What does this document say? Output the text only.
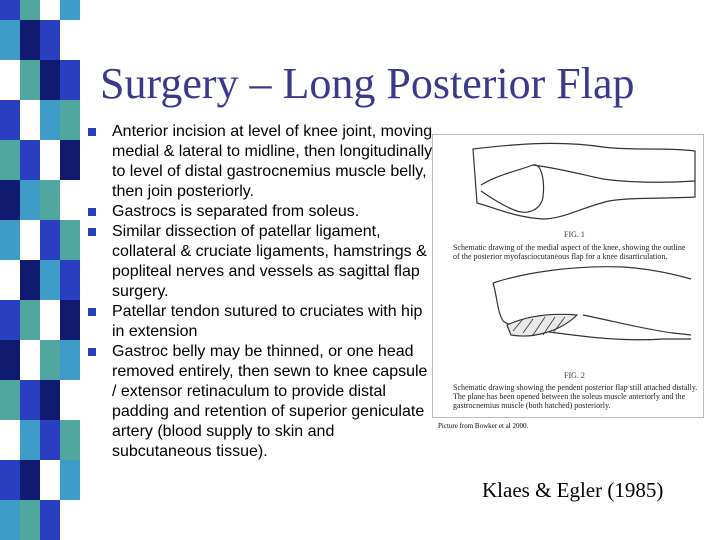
Surgery – Long Posterior Flap
Anterior incision at level of knee joint, moving medial & lateral to midline, then longitudinally to level of distal gastrocnemius muscle belly, then join posteriorly.
Gastrocs is separated from soleus.
Similar dissection of patellar ligament, collateral & cruciate ligaments, hamstrings & popliteal nerves and vessels as sagittal flap surgery.
Patellar tendon sutured to cruciates with hip in extension
Gastroc belly may be thinned, or one head removed entirely, then sewn to knee capsule / extensor retinaculum to provide distal padding and retention of superior geniculate artery (blood supply to skin and subcutaneous tissue).
FIG. 1
Schematic drawing of the medial aspect of the knee, showing the outline of the posterior myofasciocutaneous flap for a knee disarticulation.
FIG. 2
Schematic drawing showing the pendent posterior flap still attached distally. The plane has been opened between the soleus muscle anteriorly and the gastrocnemius muscle (both hatched) posteriorly.
Picture from Bowker et al 2000.
Klaes & Egler (1985)
